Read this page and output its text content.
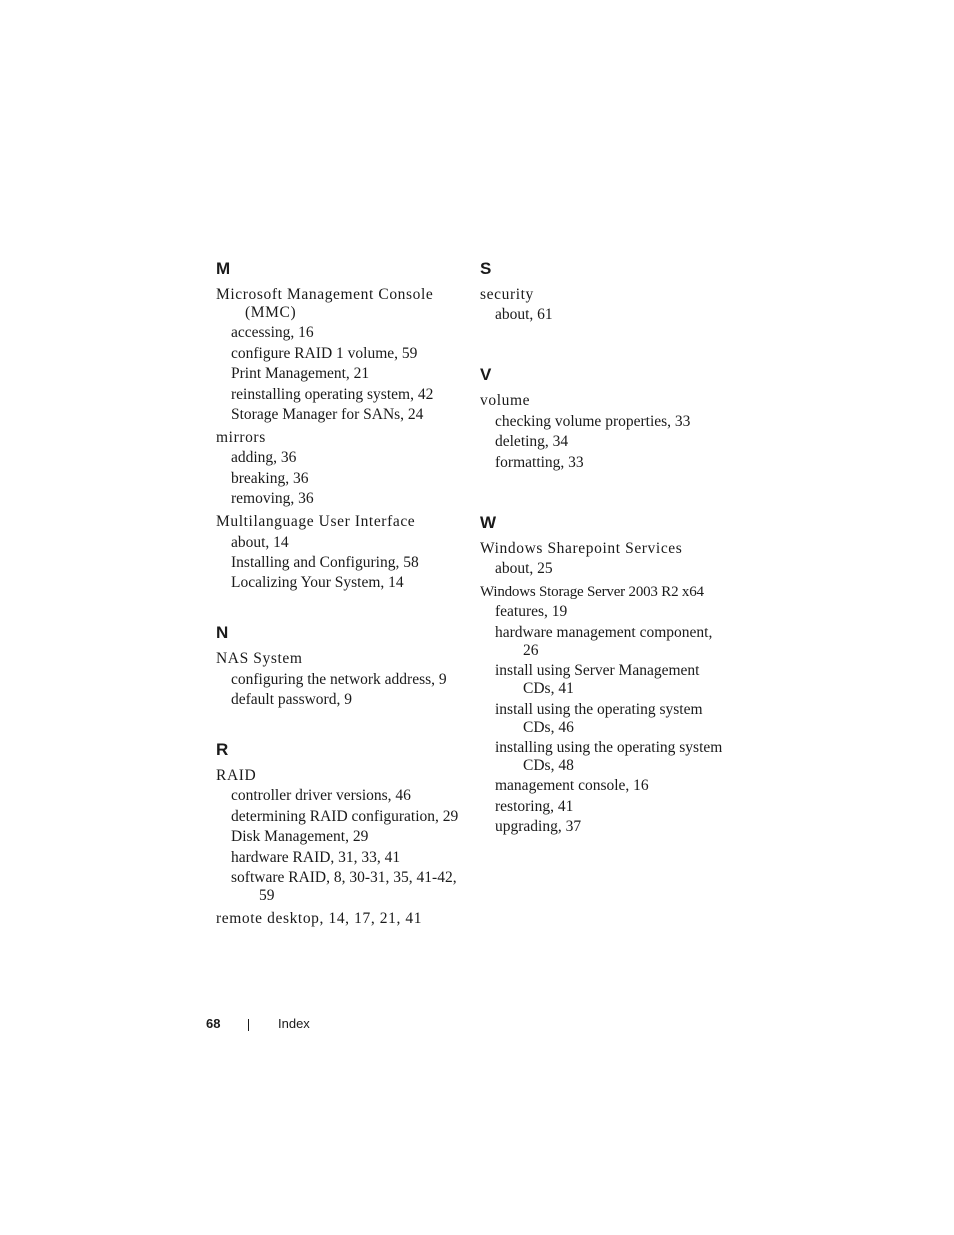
M
Microsoft Management Console (MMC)
accessing, 16
configure RAID 1 volume, 59
Print Management, 21
reinstalling operating system, 42
Storage Manager for SANs, 24
mirrors
adding, 36
breaking, 36
removing, 36
Multilanguage User Interface
about, 14
Installing and Configuring, 58
Localizing Your System, 14
N
NAS System
configuring the network address, 9
default password, 9
R
RAID
controller driver versions, 46
determining RAID configuration, 29
Disk Management, 29
hardware RAID, 31, 33, 41
software RAID, 8, 30-31, 35, 41-42, 59
remote desktop, 14, 17, 21, 41
S
security
about, 61
V
volume
checking volume properties, 33
deleting, 34
formatting, 33
W
Windows Sharepoint Services
about, 25
Windows Storage Server 2003 R2 x64
features, 19
hardware management component, 26
install using Server Management CDs, 41
install using the operating system CDs, 46
installing using the operating system CDs, 48
management console, 16
restoring, 41
upgrading, 37
68	Index
